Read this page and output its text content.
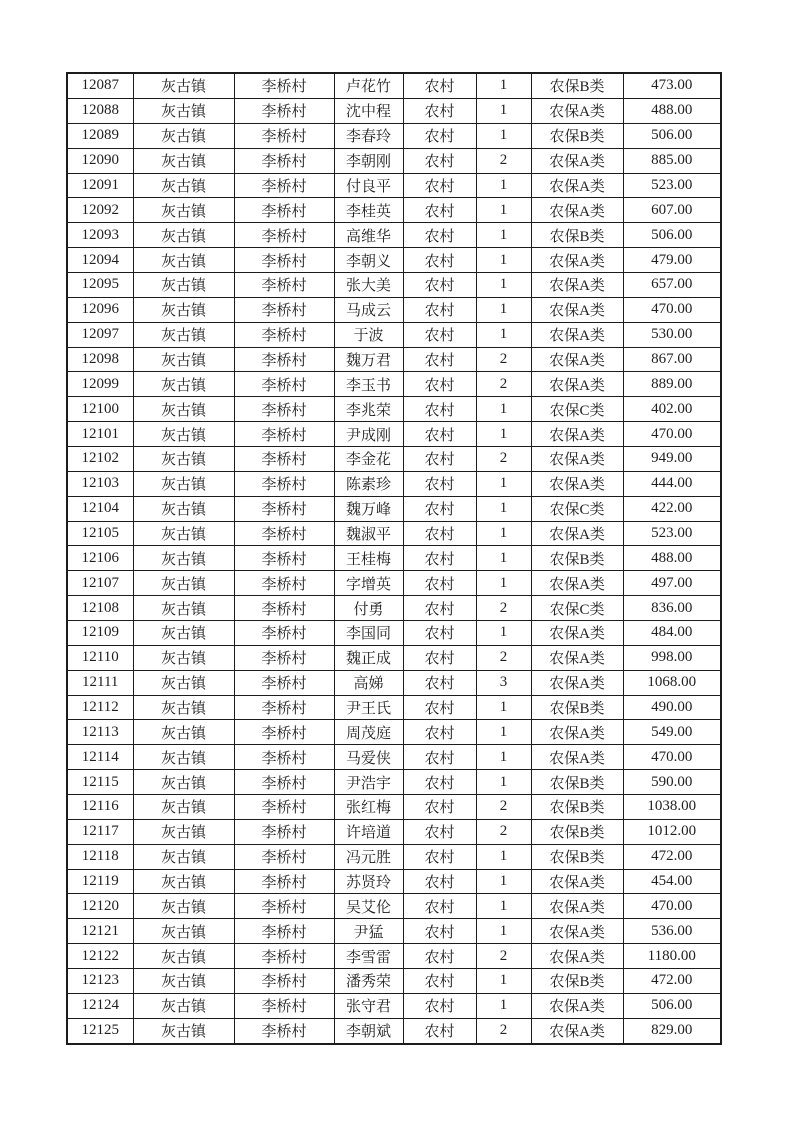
12087	灰古镇	李桥村	卢花竹	农村	1	农保B类	473.00
12088	灰古镇	李桥村	沈中程	农村	1	农保A类	488.00
12089	灰古镇	李桥村	李春玲	农村	1	农保B类	506.00
12090	灰古镇	李桥村	李朝刚	农村	2	农保A类	885.00
12091	灰古镇	李桥村	付良平	农村	1	农保A类	523.00
12092	灰古镇	李桥村	李桂英	农村	1	农保A类	607.00
12093	灰古镇	李桥村	高维华	农村	1	农保B类	506.00
12094	灰古镇	李桥村	李朝义	农村	1	农保A类	479.00
12095	灰古镇	李桥村	张大美	农村	1	农保A类	657.00
12096	灰古镇	李桥村	马成云	农村	1	农保A类	470.00
12097	灰古镇	李桥村	于波	农村	1	农保A类	530.00
12098	灰古镇	李桥村	魏万君	农村	2	农保A类	867.00
12099	灰古镇	李桥村	李玉书	农村	2	农保A类	889.00
12100	灰古镇	李桥村	李兆荣	农村	1	农保C类	402.00
12101	灰古镇	李桥村	尹成刚	农村	1	农保A类	470.00
12102	灰古镇	李桥村	李金花	农村	2	农保A类	949.00
12103	灰古镇	李桥村	陈素珍	农村	1	农保A类	444.00
12104	灰古镇	李桥村	魏万峰	农村	1	农保C类	422.00
12105	灰古镇	李桥村	魏淑平	农村	1	农保A类	523.00
12106	灰古镇	李桥村	王桂梅	农村	1	农保B类	488.00
12107	灰古镇	李桥村	字增英	农村	1	农保A类	497.00
12108	灰古镇	李桥村	付勇	农村	2	农保C类	836.00
12109	灰古镇	李桥村	李国同	农村	1	农保A类	484.00
12110	灰古镇	李桥村	魏正成	农村	2	农保A类	998.00
12111	灰古镇	李桥村	高娣	农村	3	农保A类	1068.00
12112	灰古镇	李桥村	尹王氏	农村	1	农保B类	490.00
12113	灰古镇	李桥村	周茂庭	农村	1	农保A类	549.00
12114	灰古镇	李桥村	马爱侠	农村	1	农保A类	470.00
12115	灰古镇	李桥村	尹浩宇	农村	1	农保B类	590.00
12116	灰古镇	李桥村	张红梅	农村	2	农保B类	1038.00
12117	灰古镇	李桥村	许培道	农村	2	农保B类	1012.00
12118	灰古镇	李桥村	冯元胜	农村	1	农保B类	472.00
12119	灰古镇	李桥村	苏贤玲	农村	1	农保A类	454.00
12120	灰古镇	李桥村	吴艾伦	农村	1	农保A类	470.00
12121	灰古镇	李桥村	尹猛	农村	1	农保A类	536.00
12122	灰古镇	李桥村	李雪雷	农村	2	农保A类	1180.00
12123	灰古镇	李桥村	潘秀荣	农村	1	农保B类	472.00
12124	灰古镇	李桥村	张守君	农村	1	农保A类	506.00
12125	灰古镇	李桥村	李朝斌	农村	2	农保A类	829.00
